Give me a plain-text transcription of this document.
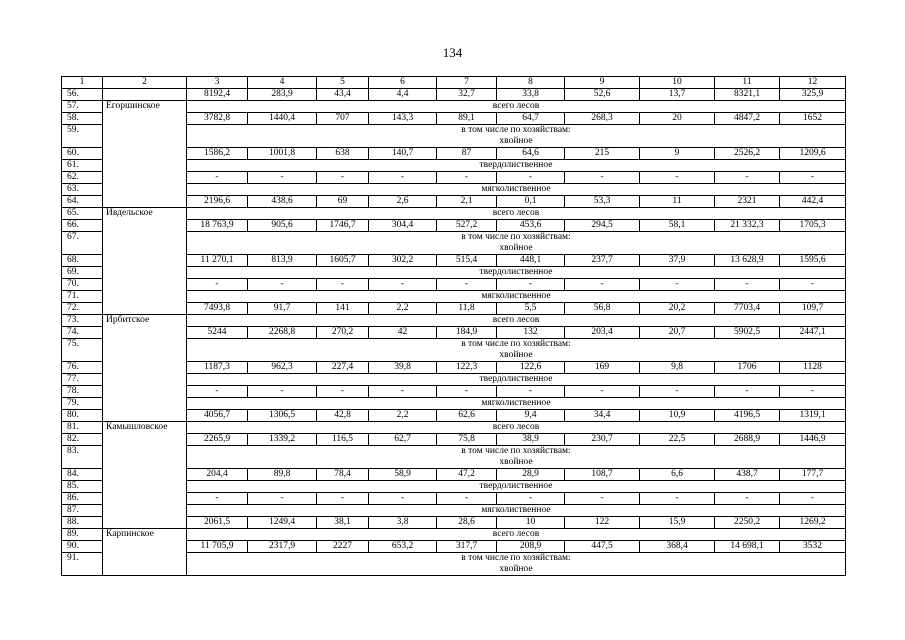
134
1	2	3	4	5	6	7	8	9	10	11	12
56.		8192,4	283,9	43,4	4,4	32,7	33,8	52,6	13,7	8321,1	325,9
57.	Егоршинское	всего лесов									
58.		3782,8	1440,4	707	143,3	89,1	64,7	268,3	20	4847,2	1652
59.		в том числе по хозяйствам:
хвойное									
60.		1586,2	1001,8	638	140,7	87	64,6	215	9	2526,2	1209,6
61.		твердолиственное									
62.		-	-	-	-	-	-	-	-	-	-
63.		мягколиственное									
64.		2196,6	438,6	69	2,6	2,1	0,1	53,3	11	2321	442,4
65.	Ивдельское	всего лесов									
66.		18 763,9	905,6	1746,7	304,4	527,2	453,6	294,5	58,1	21 332,3	1705,3
67.		в том числе по хозяйствам:
хвойное									
68.		11 270,1	813,9	1605,7	302,2	515,4	448,1	237,7	37,9	13 628,9	1595,6
69.		твердолиственное									
70.		-	-	-	-	-	-	-	-	-	-
71.		мягколиственное									
72.		7493,8	91,7	141	2,2	11,8	5,5	56,8	20,2	7703,4	109,7
73.	Ирбитское	всего лесов									
74.		5244	2268,8	270,2	42	184,9	132	203,4	20,7	5902,5	2447,1
75.		в том числе по хозяйствам:
хвойное									
76.		1187,3	962,3	227,4	39,8	122,3	122,6	169	9,8	1706	1128
77.		твердолиственное									
78.		-	-	-	-	-	-	-	-	-	-
79.		мягколиственное									
80.		4056,7	1306,5	42,8	2,2	62,6	9,4	34,4	10,9	4196,5	1319,1
81.	Камышловское	всего лесов									
82.		2265,9	1339,2	116,5	62,7	75,8	38,9	230,7	22,5	2688,9	1446,9
83.		в том числе по хозяйствам:
хвойное									
84.		204,4	89,8	78,4	58,9	47,2	28,9	108,7	6,6	438,7	177,7
85.		твердолиственное									
86.		-	-	-	-	-	-	-	-	-	-
87.		мягколиственное									
88.		2061,5	1249,4	38,1	3,8	28,6	10	122	15,9	2250,2	1269,2
89.	Карпинское	всего лесов									
90.		11 705,9	2317,9	2227	653,2	317,7	208,9	447,5	368,4	14 698,1	3532
91.		в том числе по хозяйствам:
хвойное									
